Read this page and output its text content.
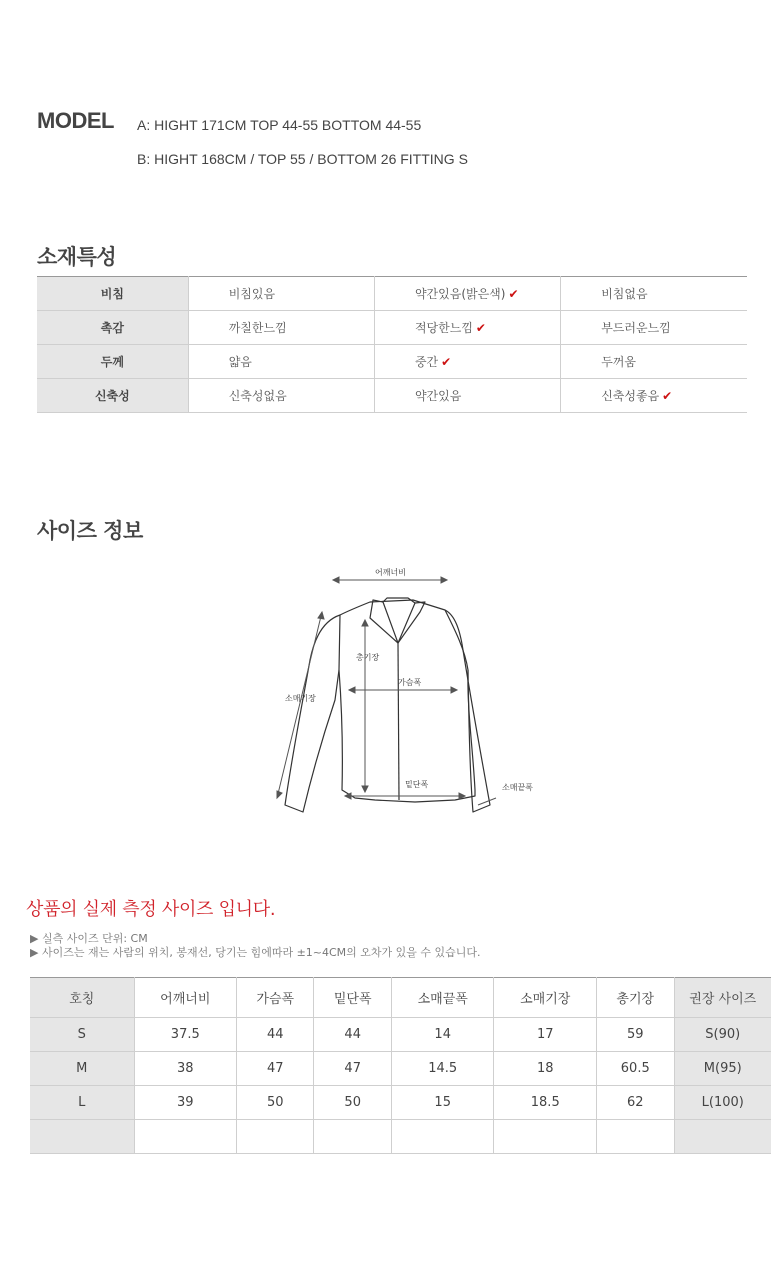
MODEL A: HIGHT 171CM TOP 44-55 BOTTOM 44-55
B: HIGHT 168CM / TOP 55 / BOTTOM 26 FITTING S
소재특성
비침	비침있음	약간있음(밝은색) ✔	비침없음
촉감	까칠한느낌	적당한느낌 ✔	부드러운느낌
두께	얇음	중간 ✔	두꺼움
신축성	신축성없음	약간있음	신축성좋음 ✔
사이즈 정보
어깨너비
총기장
가슴폭
소매기장
밑단폭	소매끝폭
상품의 실제 측정 사이즈 입니다.
▶ 실측 사이즈 단위: CM
▶ 사이즈는 재는 사람의 위치, 봉재선, 당기는 힘에따라 ±1~4CM의 오차가 있을 수 있습니다.
호칭	어깨너비	가슴폭	밑단폭	소매끝폭	소매기장	총기장	권장 사이즈
S	37.5	44	44	14	17	59	S(90)
M	38	47	47	14.5	18	60.5	M(95)
L	39	50	50	15	18.5	62	L(100)
